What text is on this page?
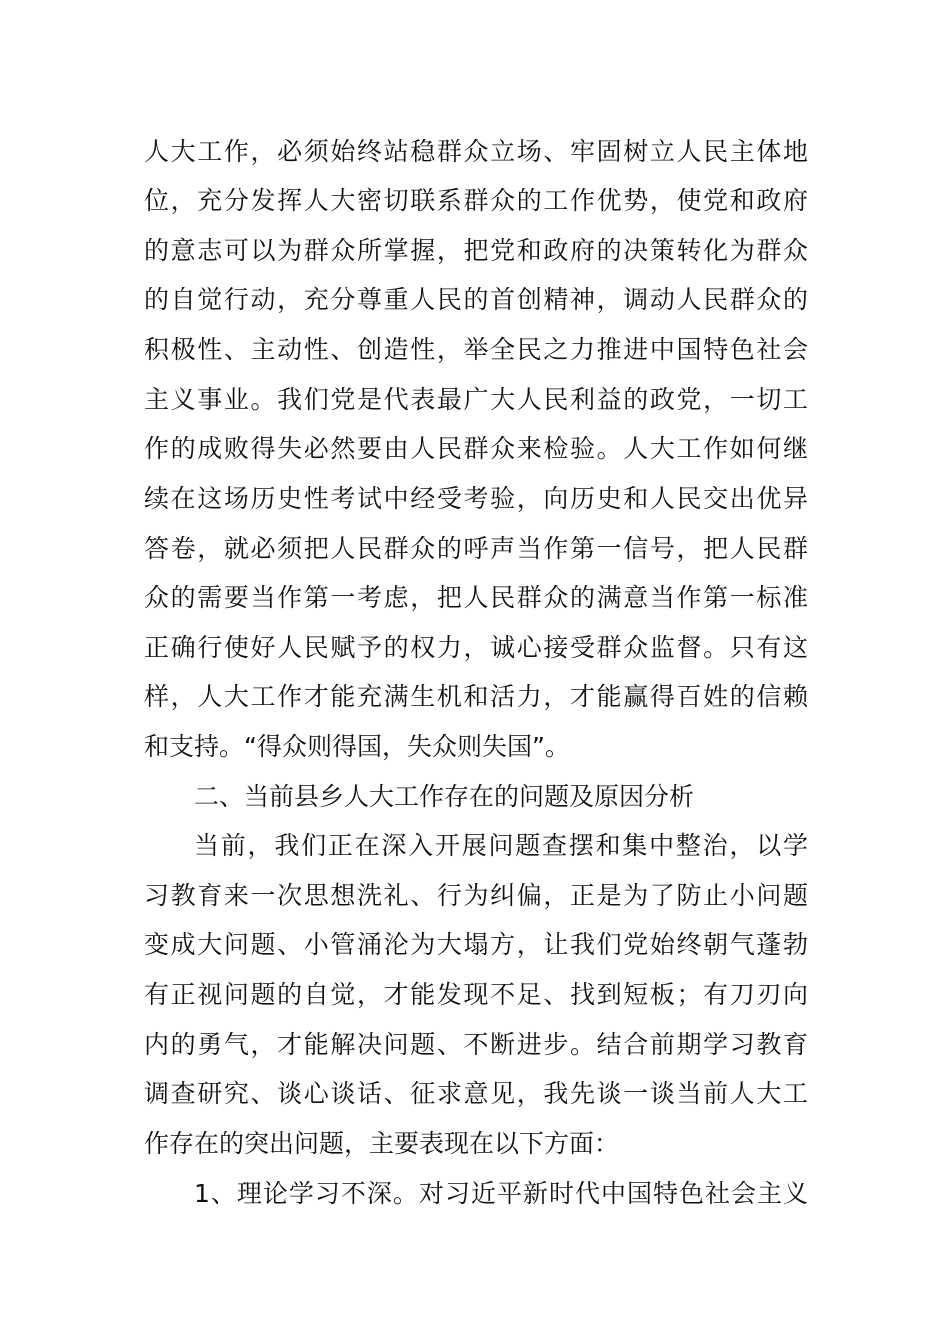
人大工作，必须始终站稳群众立场、牢固树立人民主体地

位，充分发挥人大密切联系群众的工作优势，使党和政府

的意志可以为群众所掌握，把党和政府的决策转化为群众

的自觉行动，充分尊重人民的首创精神，调动人民群众的

积极性、主动性、创造性，举全民之力推进中国特色社会

主义事业。我们党是代表最广大人民利益的政党，一切工

作的成败得失必然要由人民群众来检验。人大工作如何继

续在这场历史性考试中经受考验，向历史和人民交出优异

答卷，就必须把人民群众的呼声当作第一信号，把人民群

众的需要当作第一考虑，把人民群众的满意当作第一标准

正确行使好人民赋予的权力，诚心接受群众监督。只有这

样，人大工作才能充满生机和活力，才能赢得百姓的信赖

和支持。“得众则得国，失众则失国”。

二、当前县乡人大工作存在的问题及原因分析

当前，我们正在深入开展问题查摆和集中整治，以学

习教育来一次思想洗礼、行为纠偏，正是为了防止小问题

变成大问题、小管涌沦为大塌方，让我们党始终朝气蓬勃

有正视问题的自觉，才能发现不足、找到短板；有刀刃向

内的勇气，才能解决问题、不断进步。结合前期学习教育

调查研究、谈心谈话、征求意见，我先谈一谈当前人大工

作存在的突出问题，主要表现在以下方面：

1、理论学习不深。对习近平新时代中国特色社会主义
